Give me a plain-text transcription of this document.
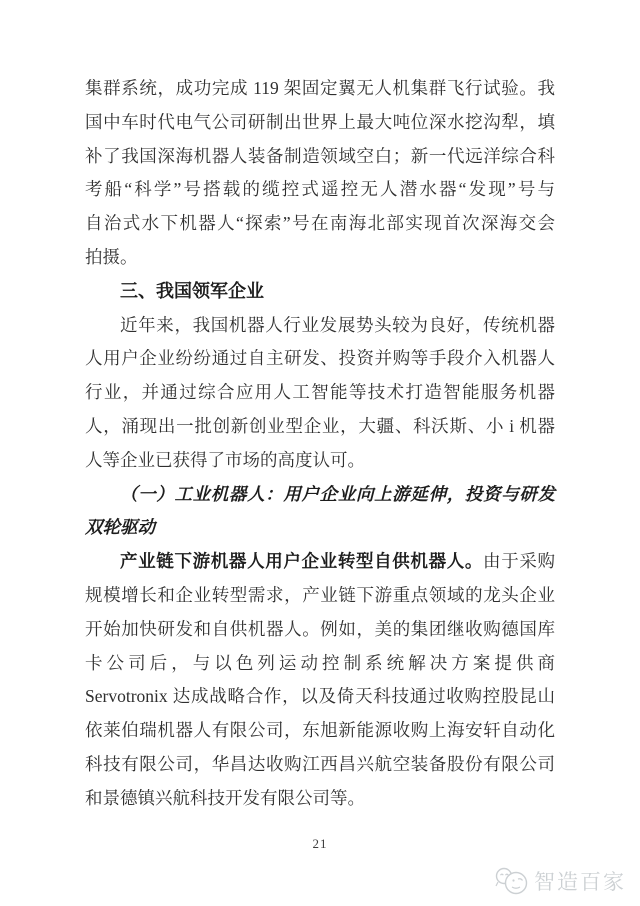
集群系统，成功完成 119 架固定翼无人机集群飞行试验。我
国中车时代电气公司研制出世界上最大吨位深水挖沟犁，填
补了我国深海机器人装备制造领域空白；新一代远洋综合科
考船“科学”号搭载的缆控式遥控无人潜水器“发现”号与
自治式水下机器人“探索”号在南海北部实现首次深海交会
拍摄。
三、我国领军企业
近年来，我国机器人行业发展势头较为良好，传统机器
人用户企业纷纷通过自主研发、投资并购等手段介入机器人
行业，并通过综合应用人工智能等技术打造智能服务机器
人，涌现出一批创新创业型企业，大疆、科沃斯、小 i 机器
人等企业已获得了市场的高度认可。
（一）工业机器人：用户企业向上游延伸，投资与研发
双轮驱动
产业链下游机器人用户企业转型自供机器人。由于采购
规模增长和企业转型需求，产业链下游重点领域的龙头企业
开始加快研发和自供机器人。例如，美的集团继收购德国库
卡公司后，与以色列运动控制系统解决方案提供商
Servotronix 达成战略合作，以及倚天科技通过收购控股昆山
依莱伯瑞机器人有限公司，东旭新能源收购上海安轩自动化
科技有限公司，华昌达收购江西昌兴航空装备股份有限公司
和景德镇兴航科技开发有限公司等。
21
智造百家
